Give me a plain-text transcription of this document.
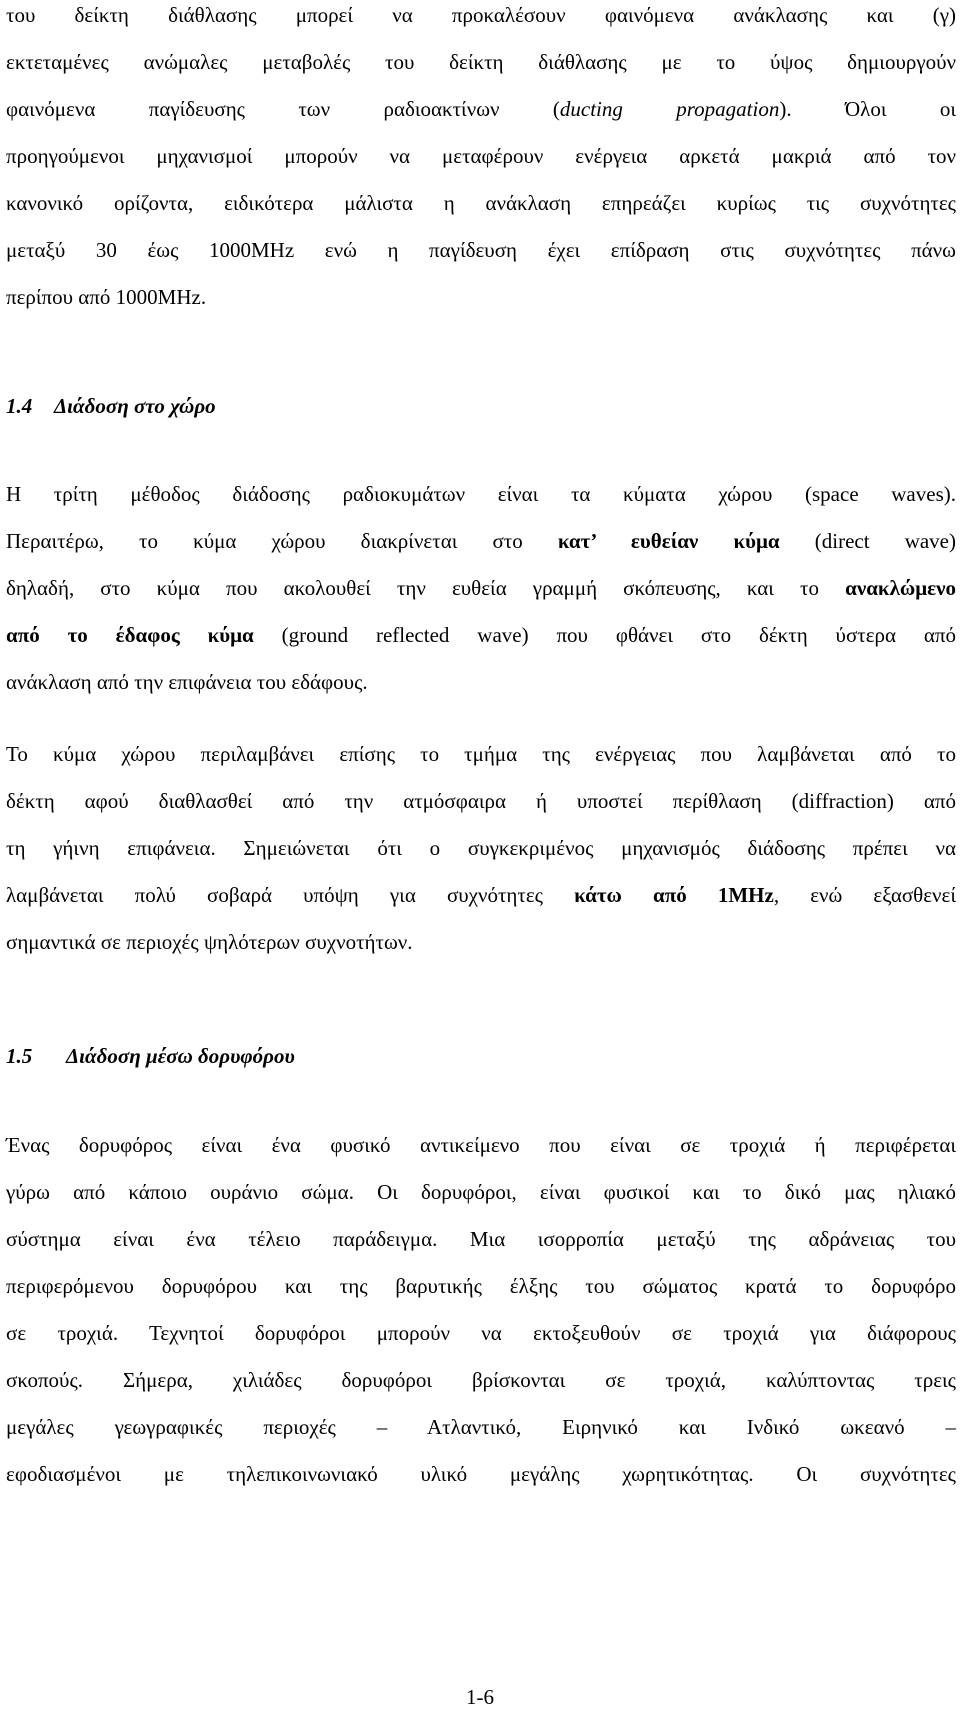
του δείκτη διάθλασης μπορεί να προκαλέσουν φαινόμενα ανάκλασης και (γ)
εκτεταμένες ανώμαλες μεταβολές του δείκτη διάθλασης με το ύψος δημιουργούν
φαινόμενα παγίδευσης των ραδιοακτίνων (ducting propagation). Όλοι οι
προηγούμενοι μηχανισμοί μπορούν να μεταφέρουν ενέργεια αρκετά μακριά από τον
κανονικό ορίζοντα, ειδικότερα μάλιστα η ανάκλαση επηρεάζει κυρίως τις συχνότητες
μεταξύ 30 έως 1000MHz ενώ η παγίδευση έχει επίδραση στις συχνότητες πάνω
περίπου από 1000MHz.
1.4 Διάδοση στο χώρο
Η τρίτη μέθοδος διάδοσης ραδιοκυμάτων είναι τα κύματα χώρου (space waves).
Περαιτέρω, το κύμα χώρου διακρίνεται στο κατ’ ευθείαν κύμα (direct wave)
δηλαδή, στο κύμα που ακολουθεί την ευθεία γραμμή σκόπευσης, και το ανακλώμενο
από το έδαφος κύμα (ground reflected wave) που φθάνει στο δέκτη ύστερα από
ανάκλαση από την επιφάνεια του εδάφους.
Το κύμα χώρου περιλαμβάνει επίσης το τμήμα της ενέργειας που λαμβάνεται από το
δέκτη αφού διαθλασθεί από την ατμόσφαιρα ή υποστεί περίθλαση (diffraction) από
τη γήινη επιφάνεια. Σημειώνεται ότι ο συγκεκριμένος μηχανισμός διάδοσης πρέπει να
λαμβάνεται πολύ σοβαρά υπόψη για συχνότητες κάτω από 1MHz, ενώ εξασθενεί
σημαντικά σε περιοχές ψηλότερων συχνοτήτων.
1.5 Διάδοση μέσω δορυφόρου
Ένας δορυφόρος είναι ένα φυσικό αντικείμενο που είναι σε τροχιά ή περιφέρεται
γύρω από κάποιο ουράνιο σώμα. Οι δορυφόροι, είναι φυσικοί και το δικό μας ηλιακό
σύστημα είναι ένα τέλειο παράδειγμα. Μια ισορροπία μεταξύ της αδράνειας του
περιφερόμενου δορυφόρου και της βαρυτικής έλξης του σώματος κρατά το δορυφόρο
σε τροχιά. Τεχνητοί δορυφόροι μπορούν να εκτοξευθούν σε τροχιά για διάφορους
σκοπούς. Σήμερα, χιλιάδες δορυφόροι βρίσκονται σε τροχιά, καλύπτοντας τρεις
μεγάλες γεωγραφικές περιοχές – Ατλαντικό, Ειρηνικό και Ινδικό ωκεανό –
εφοδιασμένοι με τηλεπικοινωνιακό υλικό μεγάλης χωρητικότητας. Οι συχνότητες
1-6
